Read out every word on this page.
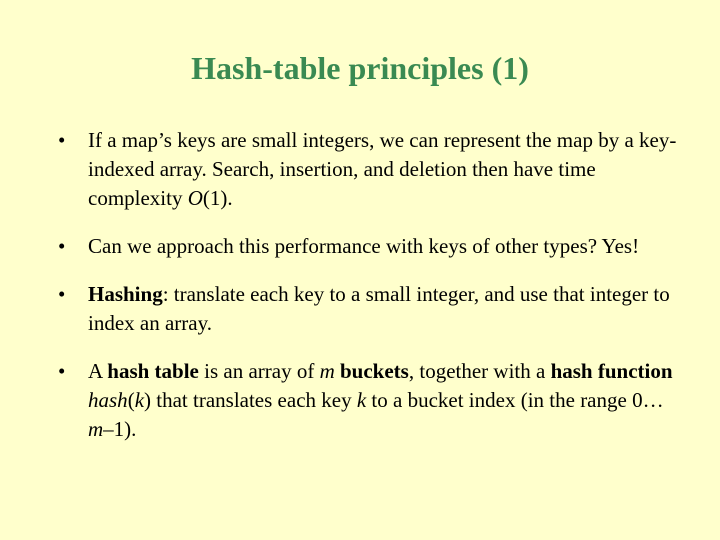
Hash-table principles (1)
• If a map’s keys are small integers, we can represent the map by a key-indexed array. Search, insertion, and deletion then have time complexity O(1).
• Can we approach this performance with keys of other types? Yes!
• Hashing: translate each key to a small integer, and use that integer to index an array.
• A hash table is an array of m buckets, together with a hash function hash(k) that translates each key k to a bucket index (in the range 0…m–1).
